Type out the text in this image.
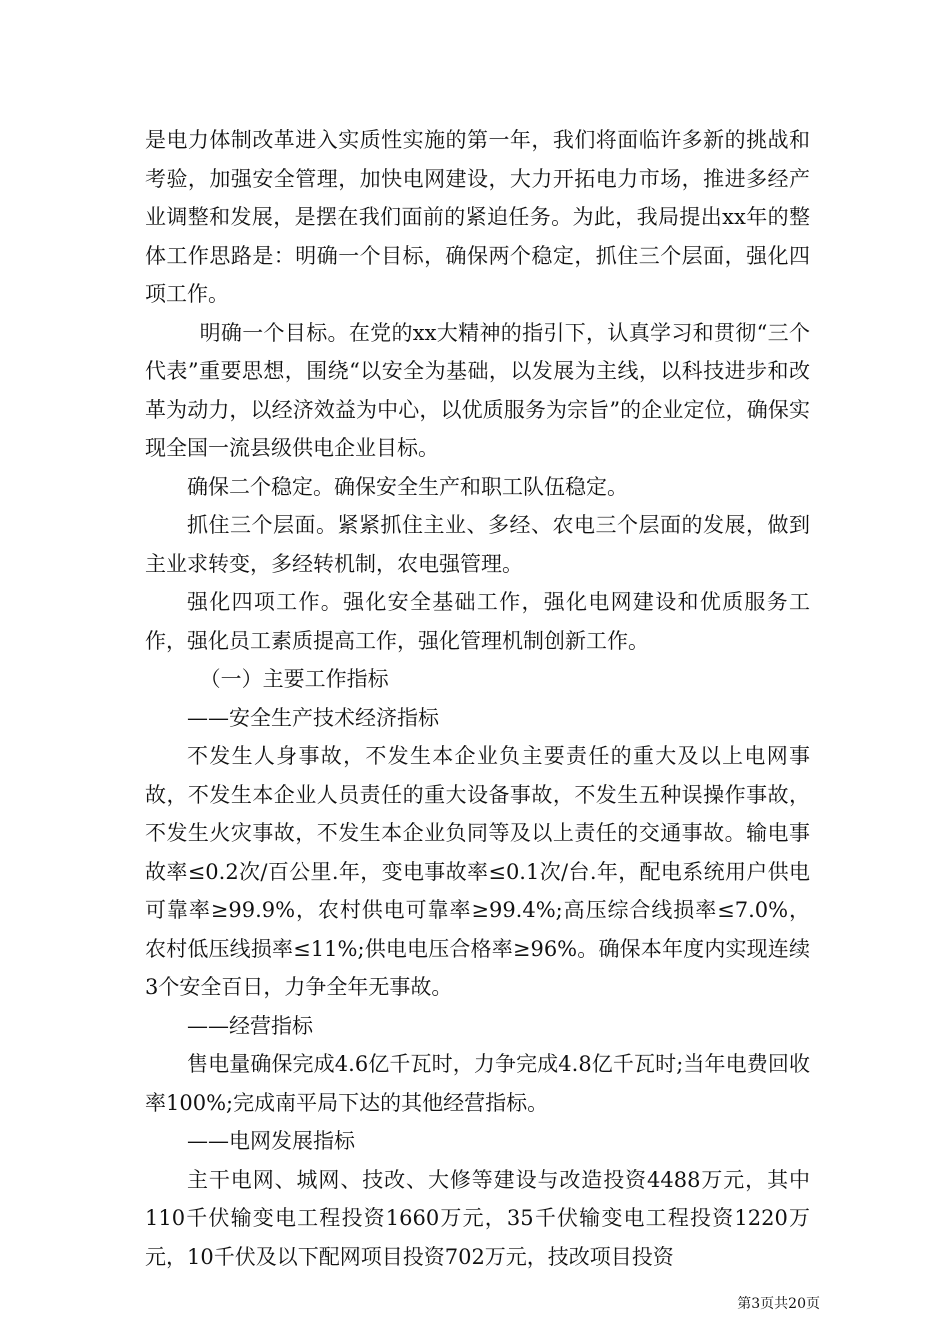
是电力体制改革进入实质性实施的第一年，我们将面临许多新的挑战和考验，加强安全管理，加快电网建设，大力开拓电力市场，推进多经产业调整和发展，是摆在我们面前的紧迫任务。为此，我局提出xx年的整体工作思路是：明确一个目标，确保两个稳定，抓住三个层面，强化四项工作。

明确一个目标。在党的xx大精神的指引下，认真学习和贯彻“三个代表”重要思想，围绕“以安全为基础，以发展为主线，以科技进步和改革为动力，以经济效益为中心，以优质服务为宗旨”的企业定位，确保实现全国一流县级供电企业目标。

确保二个稳定。确保安全生产和职工队伍稳定。

抓住三个层面。紧紧抓住主业、多经、农电三个层面的发展，做到主业求转变，多经转机制，农电强管理。

强化四项工作。强化安全基础工作，强化电网建设和优质服务工作，强化员工素质提高工作，强化管理机制创新工作。

（一）主要工作指标

——安全生产技术经济指标

不发生人身事故，不发生本企业负主要责任的重大及以上电网事故，不发生本企业人员责任的重大设备事故，不发生五种误操作事故，不发生火灾事故，不发生本企业负同等及以上责任的交通事故。输电事故率≤0.2次/百公里.年，变电事故率≤0.1次/台.年，配电系统用户供电可靠率≥99.9%，农村供电可靠率≥99.4%;高压综合线损率≤7.0%，农村低压线损率≤11%;供电电压合格率≥96%。确保本年度内实现连续3个安全百日，力争全年无事故。

——经营指标

售电量确保完成4.6亿千瓦时，力争完成4.8亿千瓦时;当年电费回收率100%;完成南平局下达的其他经营指标。

——电网发展指标

主干电网、城网、技改、大修等建设与改造投资4488万元，其中110千伏输变电工程投资1660万元，35千伏输变电工程投资1220万元，10千伏及以下配网项目投资702万元，技改项目投资

第3页共20页
